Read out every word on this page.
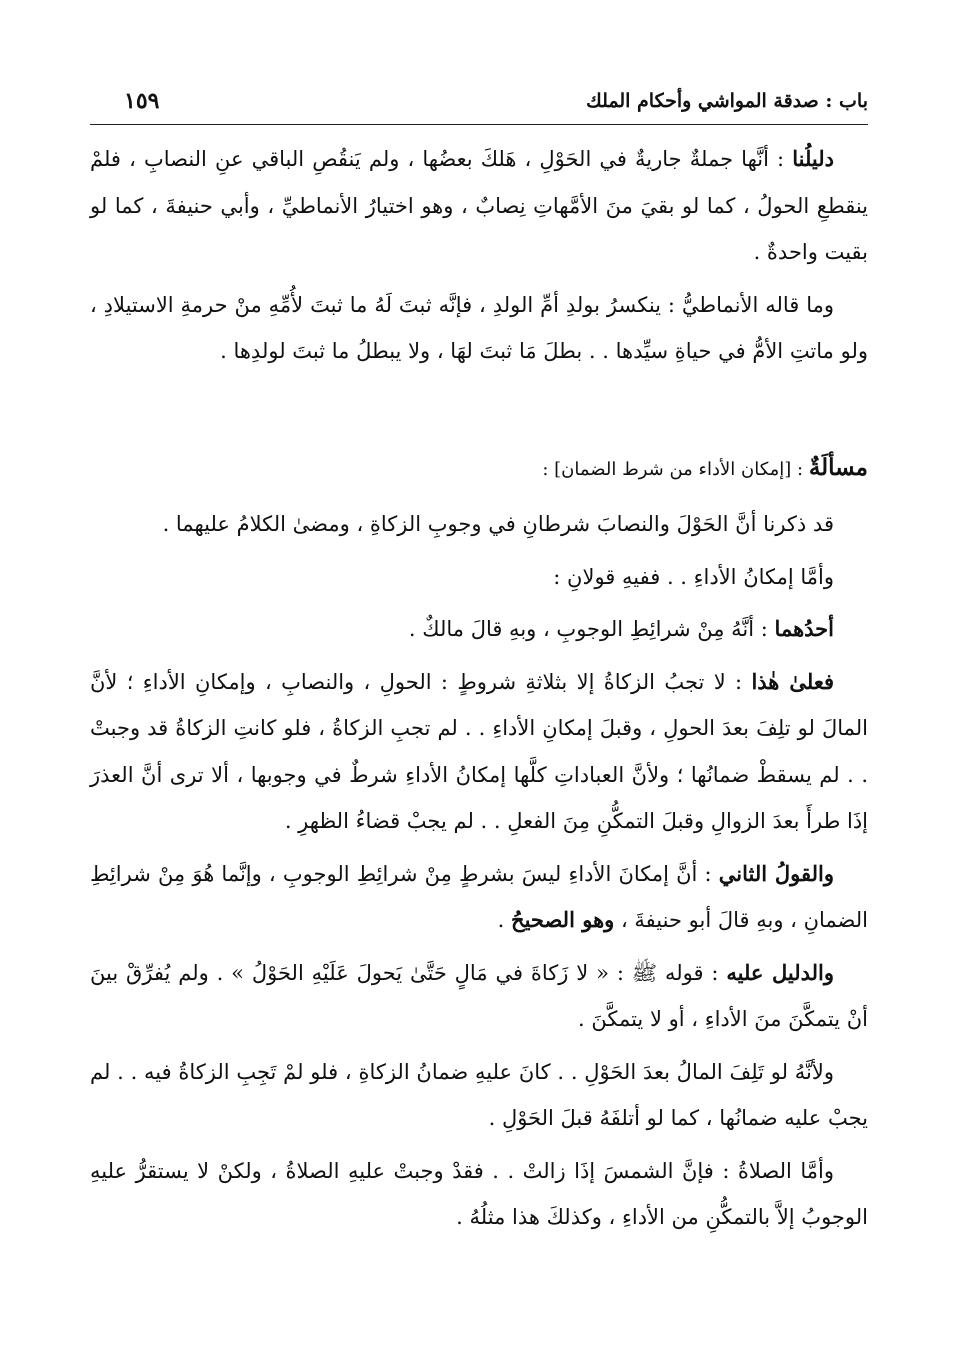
باب : صدقة المواشي وأحكام الملك
١٥٩

دليلُنا : أنَّها جملةٌ جاريةٌ في الحَوْلِ ، هَلكَ بعضُها ، ولم يَنقُصِ الباقي عنِ النصابِ ، فلمْ ينقطعِ الحولُ ، كما لو بقيَ منَ الأمَّهاتِ نِصابٌ ، وهو اختيارُ الأنماطيِّ ، وأبي حنيفةَ ، كما لو بقيت واحدةٌ .

وما قاله الأنماطيُّ : ينكسرُ بولدِ أمِّ الولدِ ، فإنَّه ثبتَ لَهُ ما ثبتَ لأُمِّهِ منْ حرمةِ الاستيلادِ ، ولو ماتتِ الأمُّ في حياةِ سيِّدها . . بطلَ مَا ثبتَ لهَا ، ولا يبطلُ ما ثبتَ لولدِها .

مسألَةٌ : [إمكان الأداء من شرط الضمان] :

قد ذكرنا أنَّ الحَوْلَ والنصابَ شرطانِ في وجوبِ الزكاةِ ، ومضىٰ الكلامُ عليهما .

وأمَّا إمكانُ الأداءِ . . ففيهِ قولانِ :

أحدُهما : أنَّهُ مِنْ شرائِطِ الوجوبِ ، وبهِ قالَ مالكٌ .

فعلىٰ هٰذا : لا تجبُ الزكاةُ إلا بثلاثةِ شروطٍ : الحولِ ، والنصابِ ، وإمكانِ الأداءِ ؛ لأنَّ المالَ لو تلِفَ بعدَ الحولِ ، وقبلَ إمكانِ الأداءِ . . لم تجبِ الزكاةُ ، فلو كانتِ الزكاةُ قد وجبتْ . . لم يسقطْ ضمانُها ؛ ولأنَّ العباداتِ كلَّها إمكانُ الأداءِ شرطٌ في وجوبها ، ألا ترى أنَّ العذرَ إذَا طرأَ بعدَ الزوالِ وقبلَ التمكُّنِ مِنَ الفعلِ . . لم يجبْ قضاءُ الظهرِ .

والقولُ الثاني : أنَّ إمكانَ الأداءِ ليسَ بشرطٍ مِنْ شرائِطِ الوجوبِ ، وإنَّما هُوَ مِنْ شرائِطِ الضمانِ ، وبهِ قالَ أبو حنيفةَ ، وهو الصحيحُ .

والدليل عليه : قوله ﷺ : « لا زَكاةَ في مَالٍ حَتَّىٰ يَحولَ عَلَيْهِ الحَوْلُ » . ولم يُفرِّقْ بينَ أنْ يتمكَّنَ منَ الأداءِ ، أو لا يتمكَّنَ .

ولأنَّهُ لو تَلِفَ المالُ بعدَ الحَوْلِ . . كانَ عليهِ ضمانُ الزكاةِ ، فلو لمْ تَجِبِ الزكاةُ فيه . . لم يجبْ عليه ضمانُها ، كما لو أتلفَهُ قبلَ الحَوْلِ .

وأمَّا الصلاةُ : فإنَّ الشمسَ إذَا زالتْ . . فقدْ وجبتْ عليهِ الصلاةُ ، ولكنْ لا يستقرُّ عليهِ الوجوبُ إلاَّ بالتمكُّنِ من الأداءِ ، وكذلكَ هذا مثلُهُ .
